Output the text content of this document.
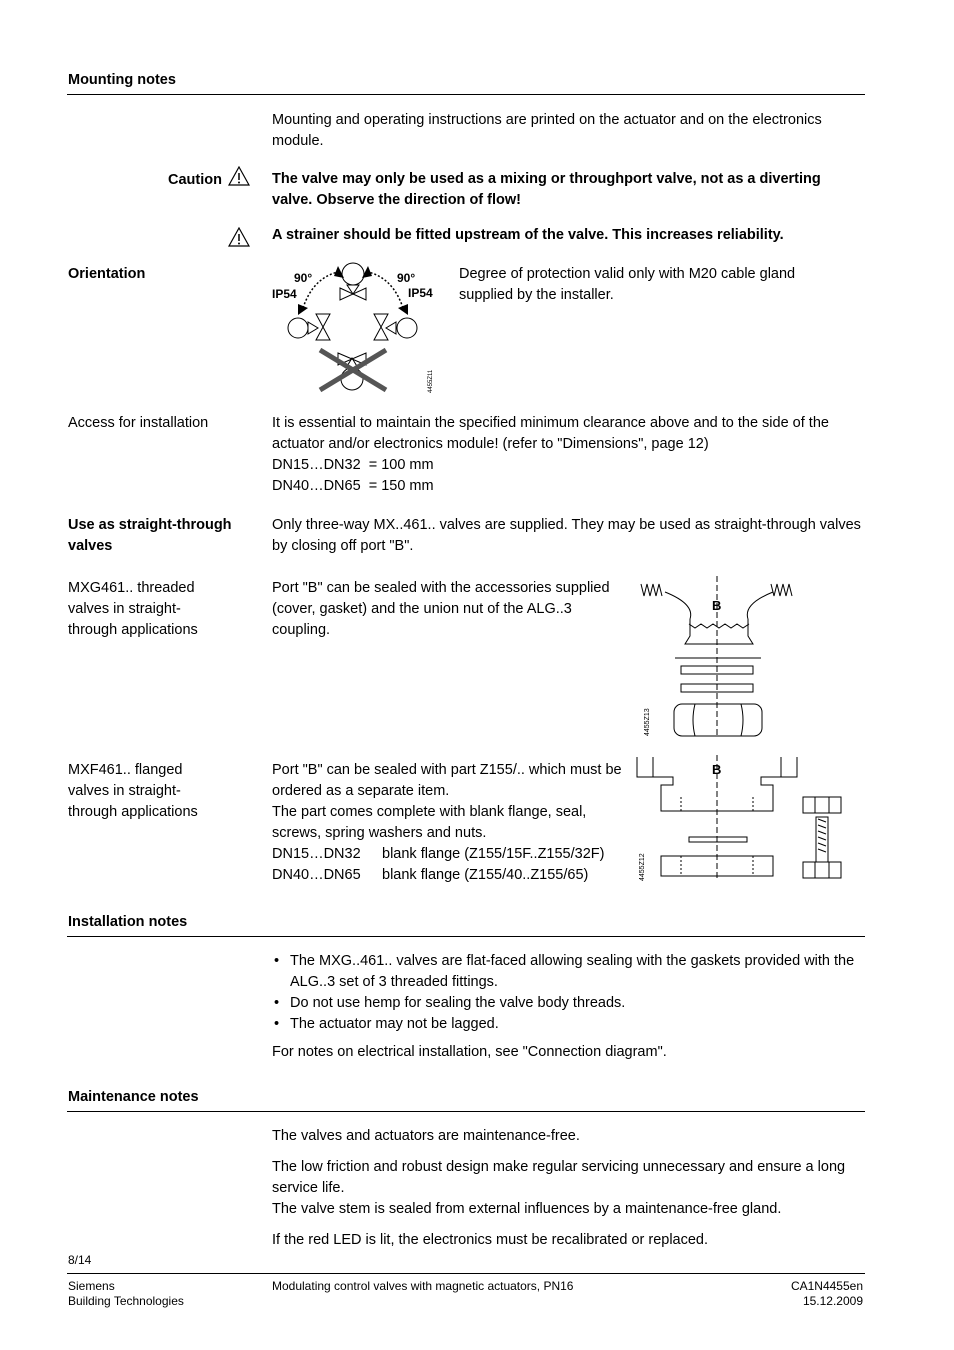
Mounting notes
Mounting and operating instructions are printed on the actuator and on the electronics module.
Caution	The valve may only be used as a mixing or throughport valve, not as a diverting valve. Observe the direction of flow!
A strainer should be fitted upstream of the valve. This increases reliability.
Orientation	90°	90°
IP54	IP54
4455Z11
Degree of protection valid only with M20 cable gland supplied by the installer.
Access for installation	It is essential to maintain the specified minimum clearance above and to the side of the actuator and/or electronics module! (refer to "Dimensions", page 12)

DN15…DN32  = 100 mm

DN40…DN65  = 150 mm

Use as straight-through valves
Only three-way MX..461.. valves are supplied. They may be used as straight-through valves by closing off port "B".
MXG461.. threaded valves in straight-through applications
Port "B" can be sealed with the accessories supplied (cover, gasket) and the union nut of the ALG..3 coupling.
B
4455Z13
MXF461.. flanged valves in straight-through applications

Port "B" can be sealed with part Z155/.. which must be ordered as a separate item.

The part comes complete with blank flange, seal, screws, spring washers and nuts.

DN15…DN32 blank flange (Z155/15F..Z155/32F)

DN40…DN65 blank flange (Z155/40..Z155/65)

B
4455Z12
Installation notes
• The MXG..461.. valves are flat-faced allowing sealing with the gaskets provided with the ALG..3 set of 3 threaded fittings.
• Do not use hemp for sealing the valve body threads.
• The actuator may not be lagged.
For notes on electrical installation, see "Connection diagram".
Maintenance notes
The valves and actuators are maintenance-free.
The low friction and robust design make regular servicing unnecessary and ensure a long service life.
The valve stem is sealed from external influences by a maintenance-free gland.
If the red LED is lit, the electronics must be recalibrated or replaced.
8/14
Siemens
Building Technologies
Modulating control valves with magnetic actuators, PN16	CA1N4455en
15.12.2009
